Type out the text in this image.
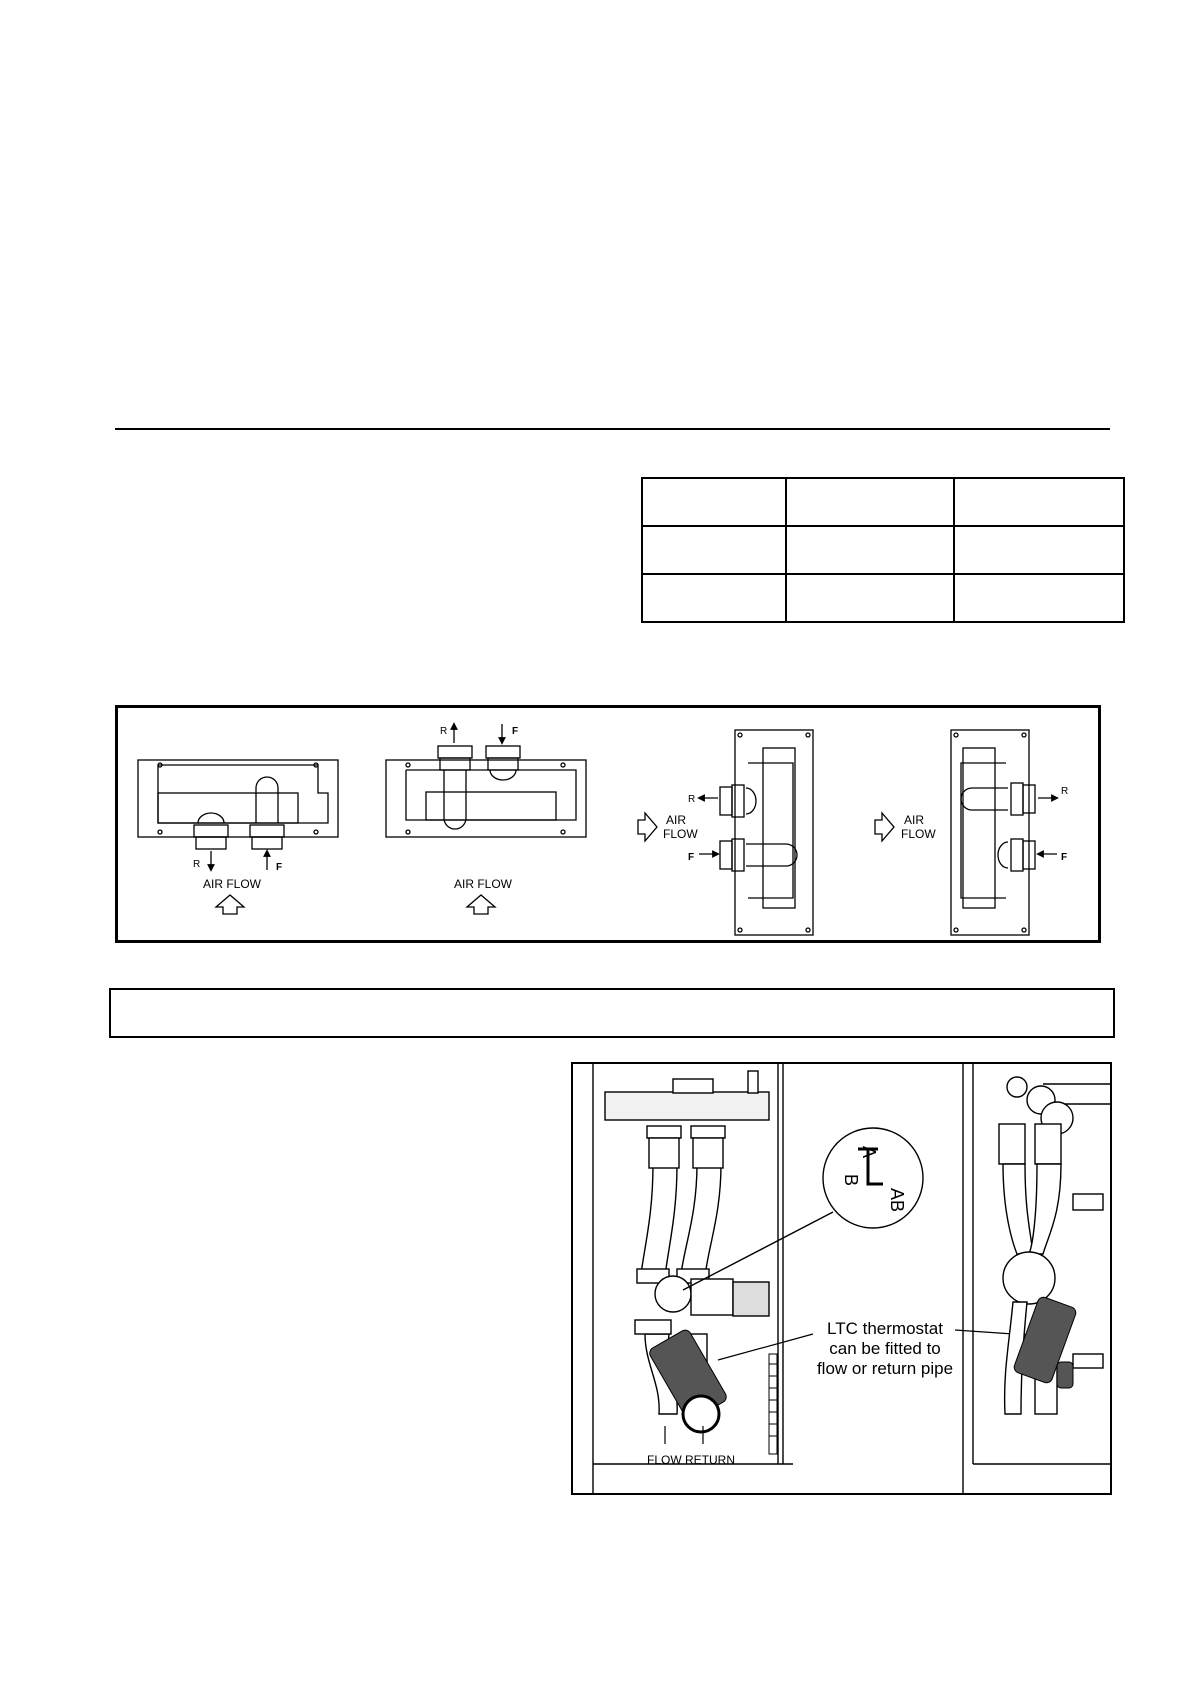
R	F
AIR FLOW
R	F
AIR FLOW
R
F
AIR
FLOW
R
F
AIR
FLOW
A
B
AB
LTC thermostat
can be fitted to
flow or return pipe
FLOW RETURN
